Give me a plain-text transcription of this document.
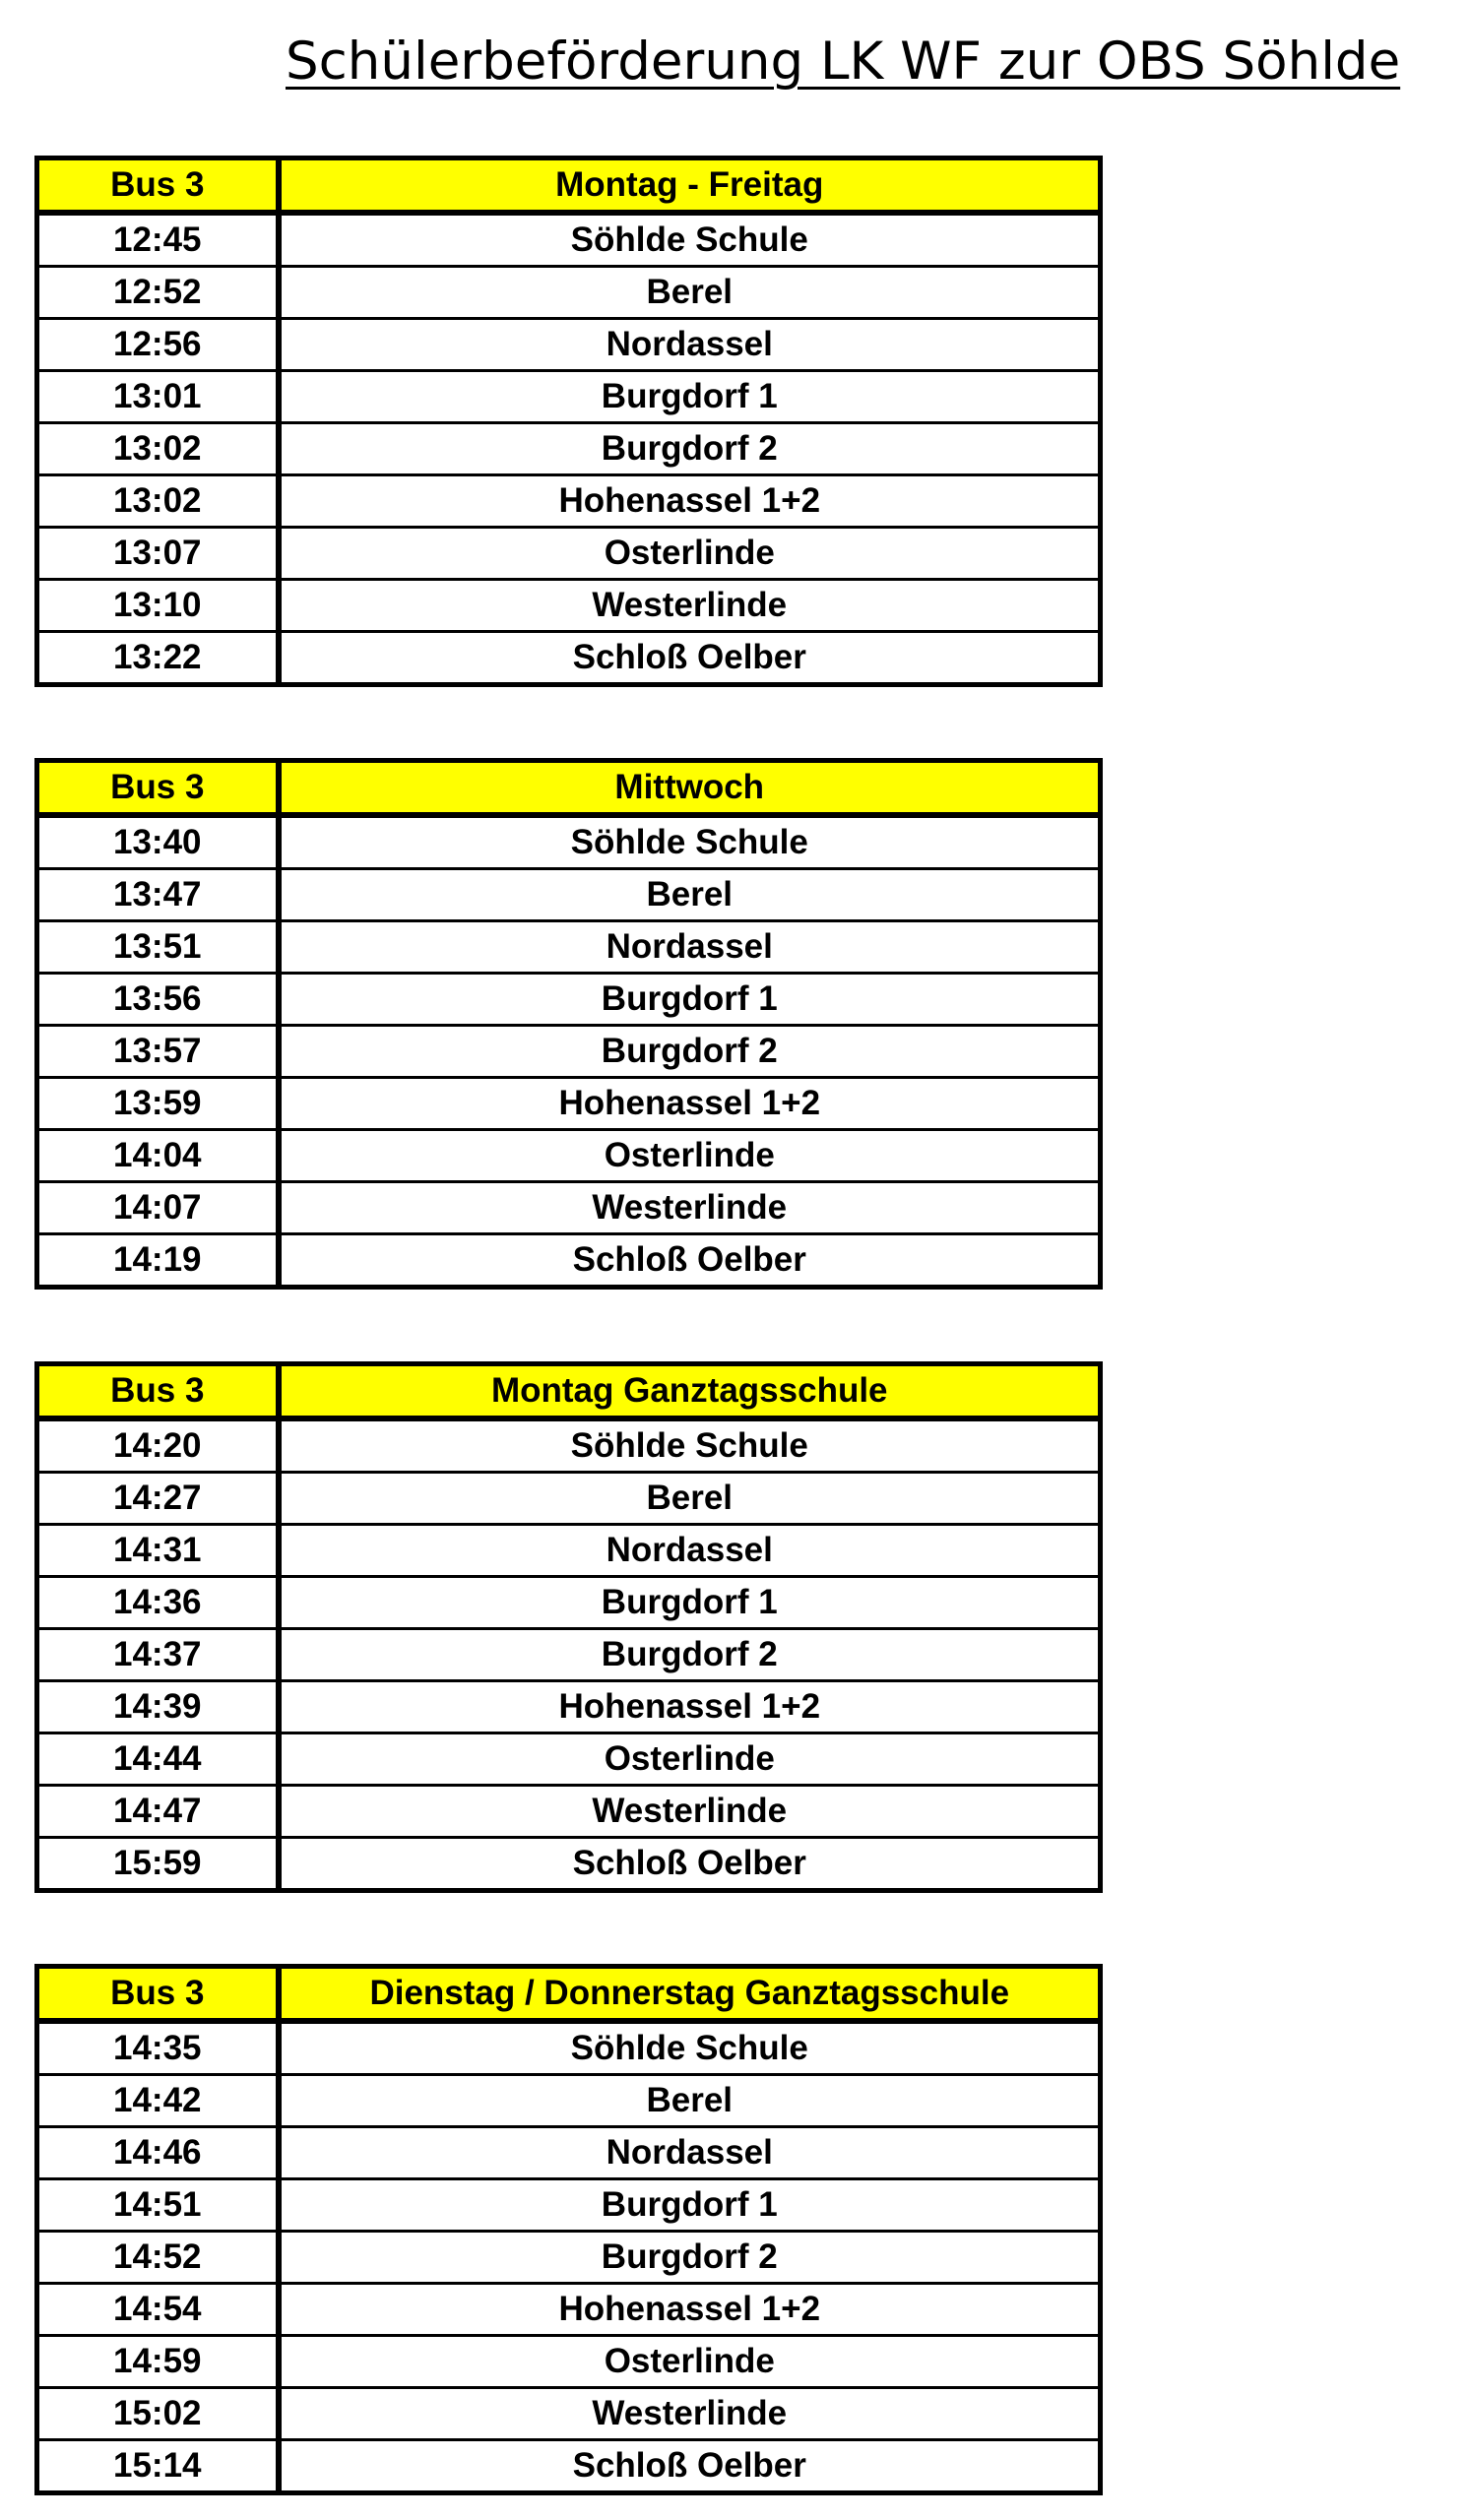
Schülerbeförderung LK WF zur OBS Söhlde
Bus 3	Montag - Freitag
12:45	Söhlde Schule
12:52	Berel
12:56	Nordassel
13:01	Burgdorf 1
13:02	Burgdorf 2
13:02	Hohenassel 1+2
13:07	Osterlinde
13:10	Westerlinde
13:22	Schloß Oelber
Bus 3	Mittwoch
13:40	Söhlde Schule
13:47	Berel
13:51	Nordassel
13:56	Burgdorf 1
13:57	Burgdorf 2
13:59	Hohenassel 1+2
14:04	Osterlinde
14:07	Westerlinde
14:19	Schloß Oelber
Bus 3	Montag Ganztagsschule
14:20	Söhlde Schule
14:27	Berel
14:31	Nordassel
14:36	Burgdorf 1
14:37	Burgdorf 2
14:39	Hohenassel 1+2
14:44	Osterlinde
14:47	Westerlinde
15:59	Schloß Oelber
Bus 3	Dienstag / Donnerstag Ganztagsschule
14:35	Söhlde Schule
14:42	Berel
14:46	Nordassel
14:51	Burgdorf 1
14:52	Burgdorf 2
14:54	Hohenassel 1+2
14:59	Osterlinde
15:02	Westerlinde
15:14	Schloß Oelber
